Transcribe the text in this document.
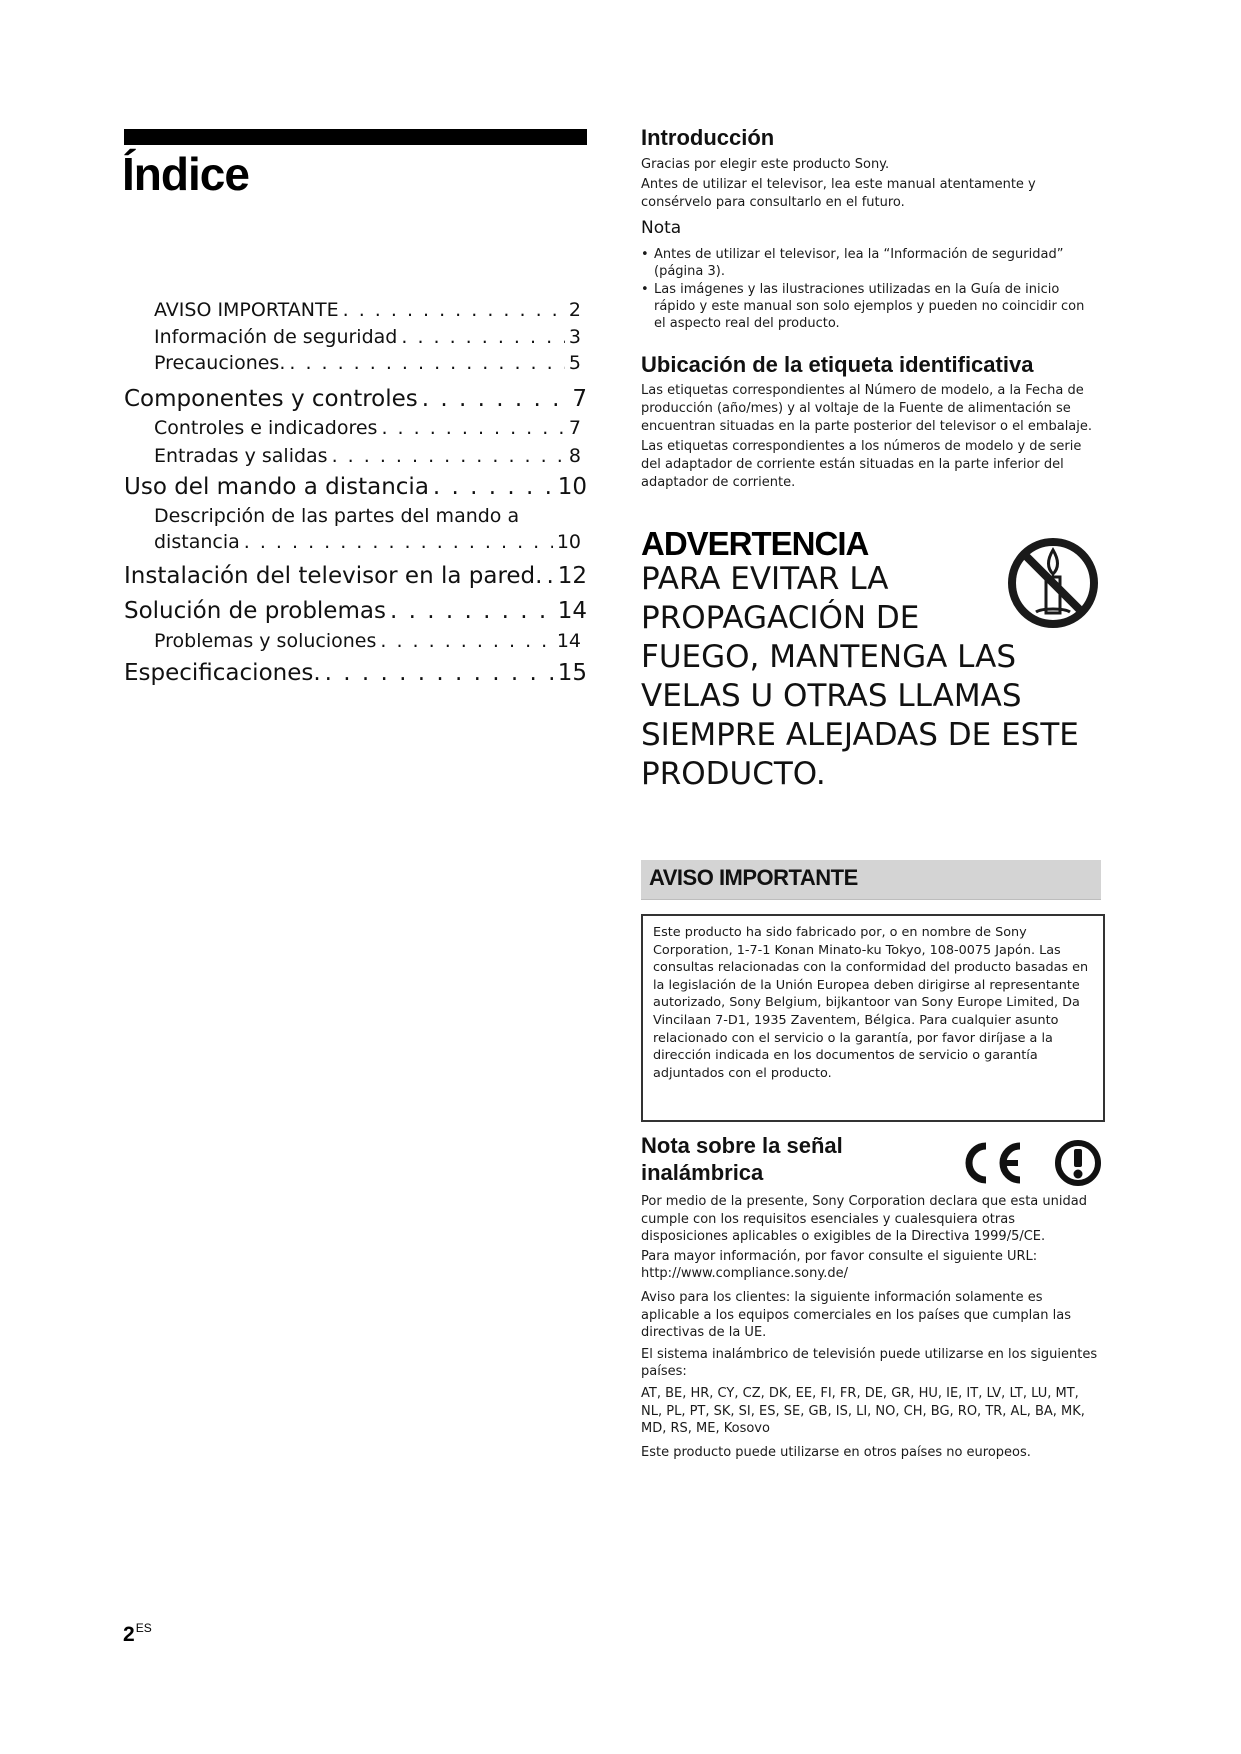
Índice
AVISO IMPORTANTE . . .	2
Información de seguridad . . .	3
Precauciones. . . .	5
Componentes y controles . . .	7
Controles e indicadores . . .	7
Entradas y salidas . . .	8
Uso del mando a distancia . . .	10
Descripción de las partes del mando a
distancia . . .	10
Instalación del televisor en la pared. . . . 12
Solución de problemas . . .	14
Problemas y soluciones . . .	14
Especificaciones. . . .	15
$2^{ES}$
Introducción

Gracias por elegir este producto Sony.

Antes de utilizar el televisor, lea este manual atentamente y consérvelo para consultarlo en el futuro.

Nota
• Antes de utilizar el televisor, lea la “Información de seguridad” (página 3).
• Las imágenes y las ilustraciones utilizadas en la Guía de inicio rápido y este manual son solo ejemplos y pueden no coincidir con el aspecto real del producto.
Ubicación de la etiqueta identificativa

Las etiquetas correspondientes al Número de modelo, a la Fecha de producción (año/mes) y al voltaje de la Fuente de alimentación se encuentran situadas en la parte posterior del televisor o el embalaje.

Las etiquetas correspondientes a los números de modelo y de serie del adaptador de corriente están situadas en la parte inferior del adaptador de corriente.

ADVERTENCIA
PARA EVITAR LA
PROPAGACIÓN DE
FUEGO, MANTENGA LAS
VELAS U OTRAS LLAMAS
SIEMPRE ALEJADAS DE ESTE
PRODUCTO.
AVISO IMPORTANTE
Este producto ha sido fabricado por, o en nombre de Sony Corporation, 1-7-1 Konan Minato-ku Tokyo, 108-0075 Japón. Las consultas relacionadas con la conformidad del producto basadas en la legislación de la Unión Europea deben dirigirse al representante autorizado, Sony Belgium, bijkantoor van Sony Europe Limited, Da Vincilaan 7-D1, 1935 Zaventem, Bélgica. Para cualquier asunto relacionado con el servicio o la garantía, por favor diríjase a la dirección indicada en los documentos de servicio o garantía adjuntados con el producto.
Nota sobre la señal
inalámbrica

Por medio de la presente, Sony Corporation declara que esta unidad cumple con los requisitos esenciales y cualesquiera otras disposiciones aplicables o exigibles de la Directiva 1999/5/CE.

Para mayor información, por favor consulte el siguiente URL: http://www.compliance.sony.de/

Aviso para los clientes: la siguiente información solamente es aplicable a los equipos comerciales en los países que cumplan las directivas de la UE.

El sistema inalámbrico de televisión puede utilizarse en los siguientes países:

AT, BE, HR, CY, CZ, DK, EE, FI, FR, DE, GR, HU, IE, IT, LV, LT, LU, MT, NL, PL, PT, SK, SI, ES, SE, GB, IS, LI, NO, CH, BG, RO, TR, AL, BA, MK, MD, RS, ME, Kosovo

Este producto puede utilizarse en otros países no europeos.
